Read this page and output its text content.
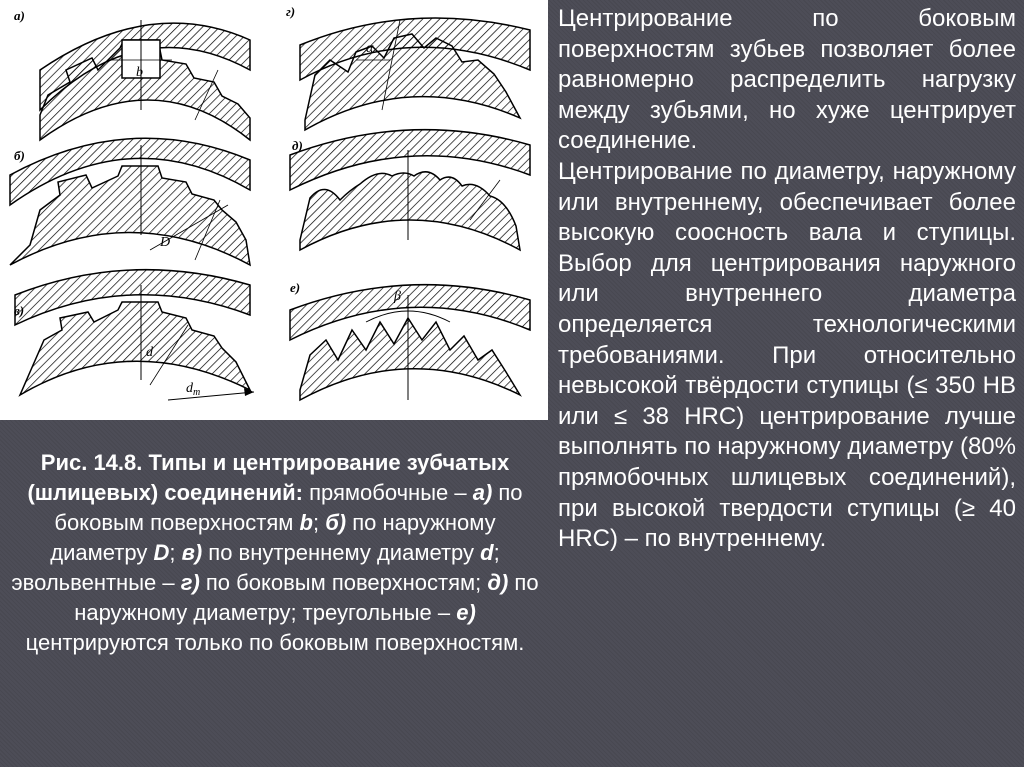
а)
b
б)
D
в)
d
$d_m$
г)
α
д)
е)
β
Рис. 14.8. Типы и центрирование зубчатых (шлицевых) соединений: прямобочные – а) по боковым поверхностям b; б) по наружному диаметру D; в) по внутреннему диаметру d; эвольвентные – г) по боковым поверхностям; д) по наружному диаметру; треугольные – е) центрируются только по боковым поверхностям.

Центрирование по боковым поверхностям зубьев позволяет более равномерно распределить нагрузку между зубьями, но хуже центрирует соединение.

Центрирование по диаметру, наружному или внутреннему, обеспечивает более высокую соосность вала и ступицы. Выбор для центрирования наружного или внутреннего диаметра определяется технологическими требованиями. При относительно невысокой твёрдости ступицы (≤ 350 HB или ≤ 38 HRC) центрирование лучше выполнять по наружному диаметру (80% прямобочных шлицевых соединений), при высокой твердости ступицы (≥ 40 HRC) – по внутреннему.
